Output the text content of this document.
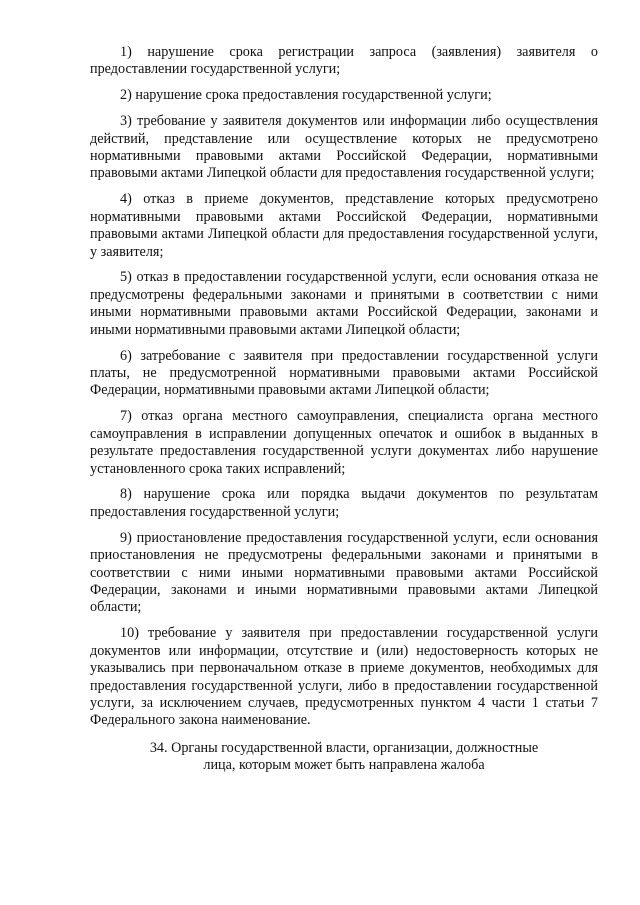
1) нарушение срока регистрации запроса (заявления) заявителя о предоставлении государственной услуги;

2) нарушение срока предоставления государственной услуги;

3) требование у заявителя документов или информации либо осуществления действий, представление или осуществление которых не предусмотрено нормативными правовыми актами Российской Федерации, нормативными правовыми актами Липецкой области для предоставления государственной услуги;

4) отказ в приеме документов, представление которых предусмотрено нормативными правовыми актами Российской Федерации, нормативными правовыми актами Липецкой области для предоставления государственной услуги, у заявителя;

5) отказ в предоставлении государственной услуги, если основания отказа не предусмотрены федеральными законами и принятыми в соответствии с ними иными нормативными правовыми актами Российской Федерации, законами и иными нормативными правовыми актами Липецкой области;

6) затребование с заявителя при предоставлении государственной услуги платы, не предусмотренной нормативными правовыми актами Российской Федерации, нормативными правовыми актами Липецкой области;

7) отказ органа местного самоуправления, специалиста органа местного самоуправления в исправлении допущенных опечаток и ошибок в выданных в результате предоставления государственной услуги документах либо нарушение установленного срока таких исправлений;

8) нарушение срока или порядка выдачи документов по результатам предоставления государственной услуги;

9) приостановление предоставления государственной услуги, если основания приостановления не предусмотрены федеральными законами и принятыми в соответствии с ними иными нормативными правовыми актами Российской Федерации, законами и иными нормативными правовыми актами Липецкой области;

10) требование у заявителя при предоставлении государственной услуги документов или информации, отсутствие и (или) недостоверность которых не указывались при первоначальном отказе в приеме документов, необходимых для предоставления государственной услуги, либо в предоставлении государственной услуги, за исключением случаев, предусмотренных пунктом 4 части 1 статьи 7 Федерального закона наименование.

34. Органы государственной власти, организации, должностные
лица, которым может быть направлена жалоба
